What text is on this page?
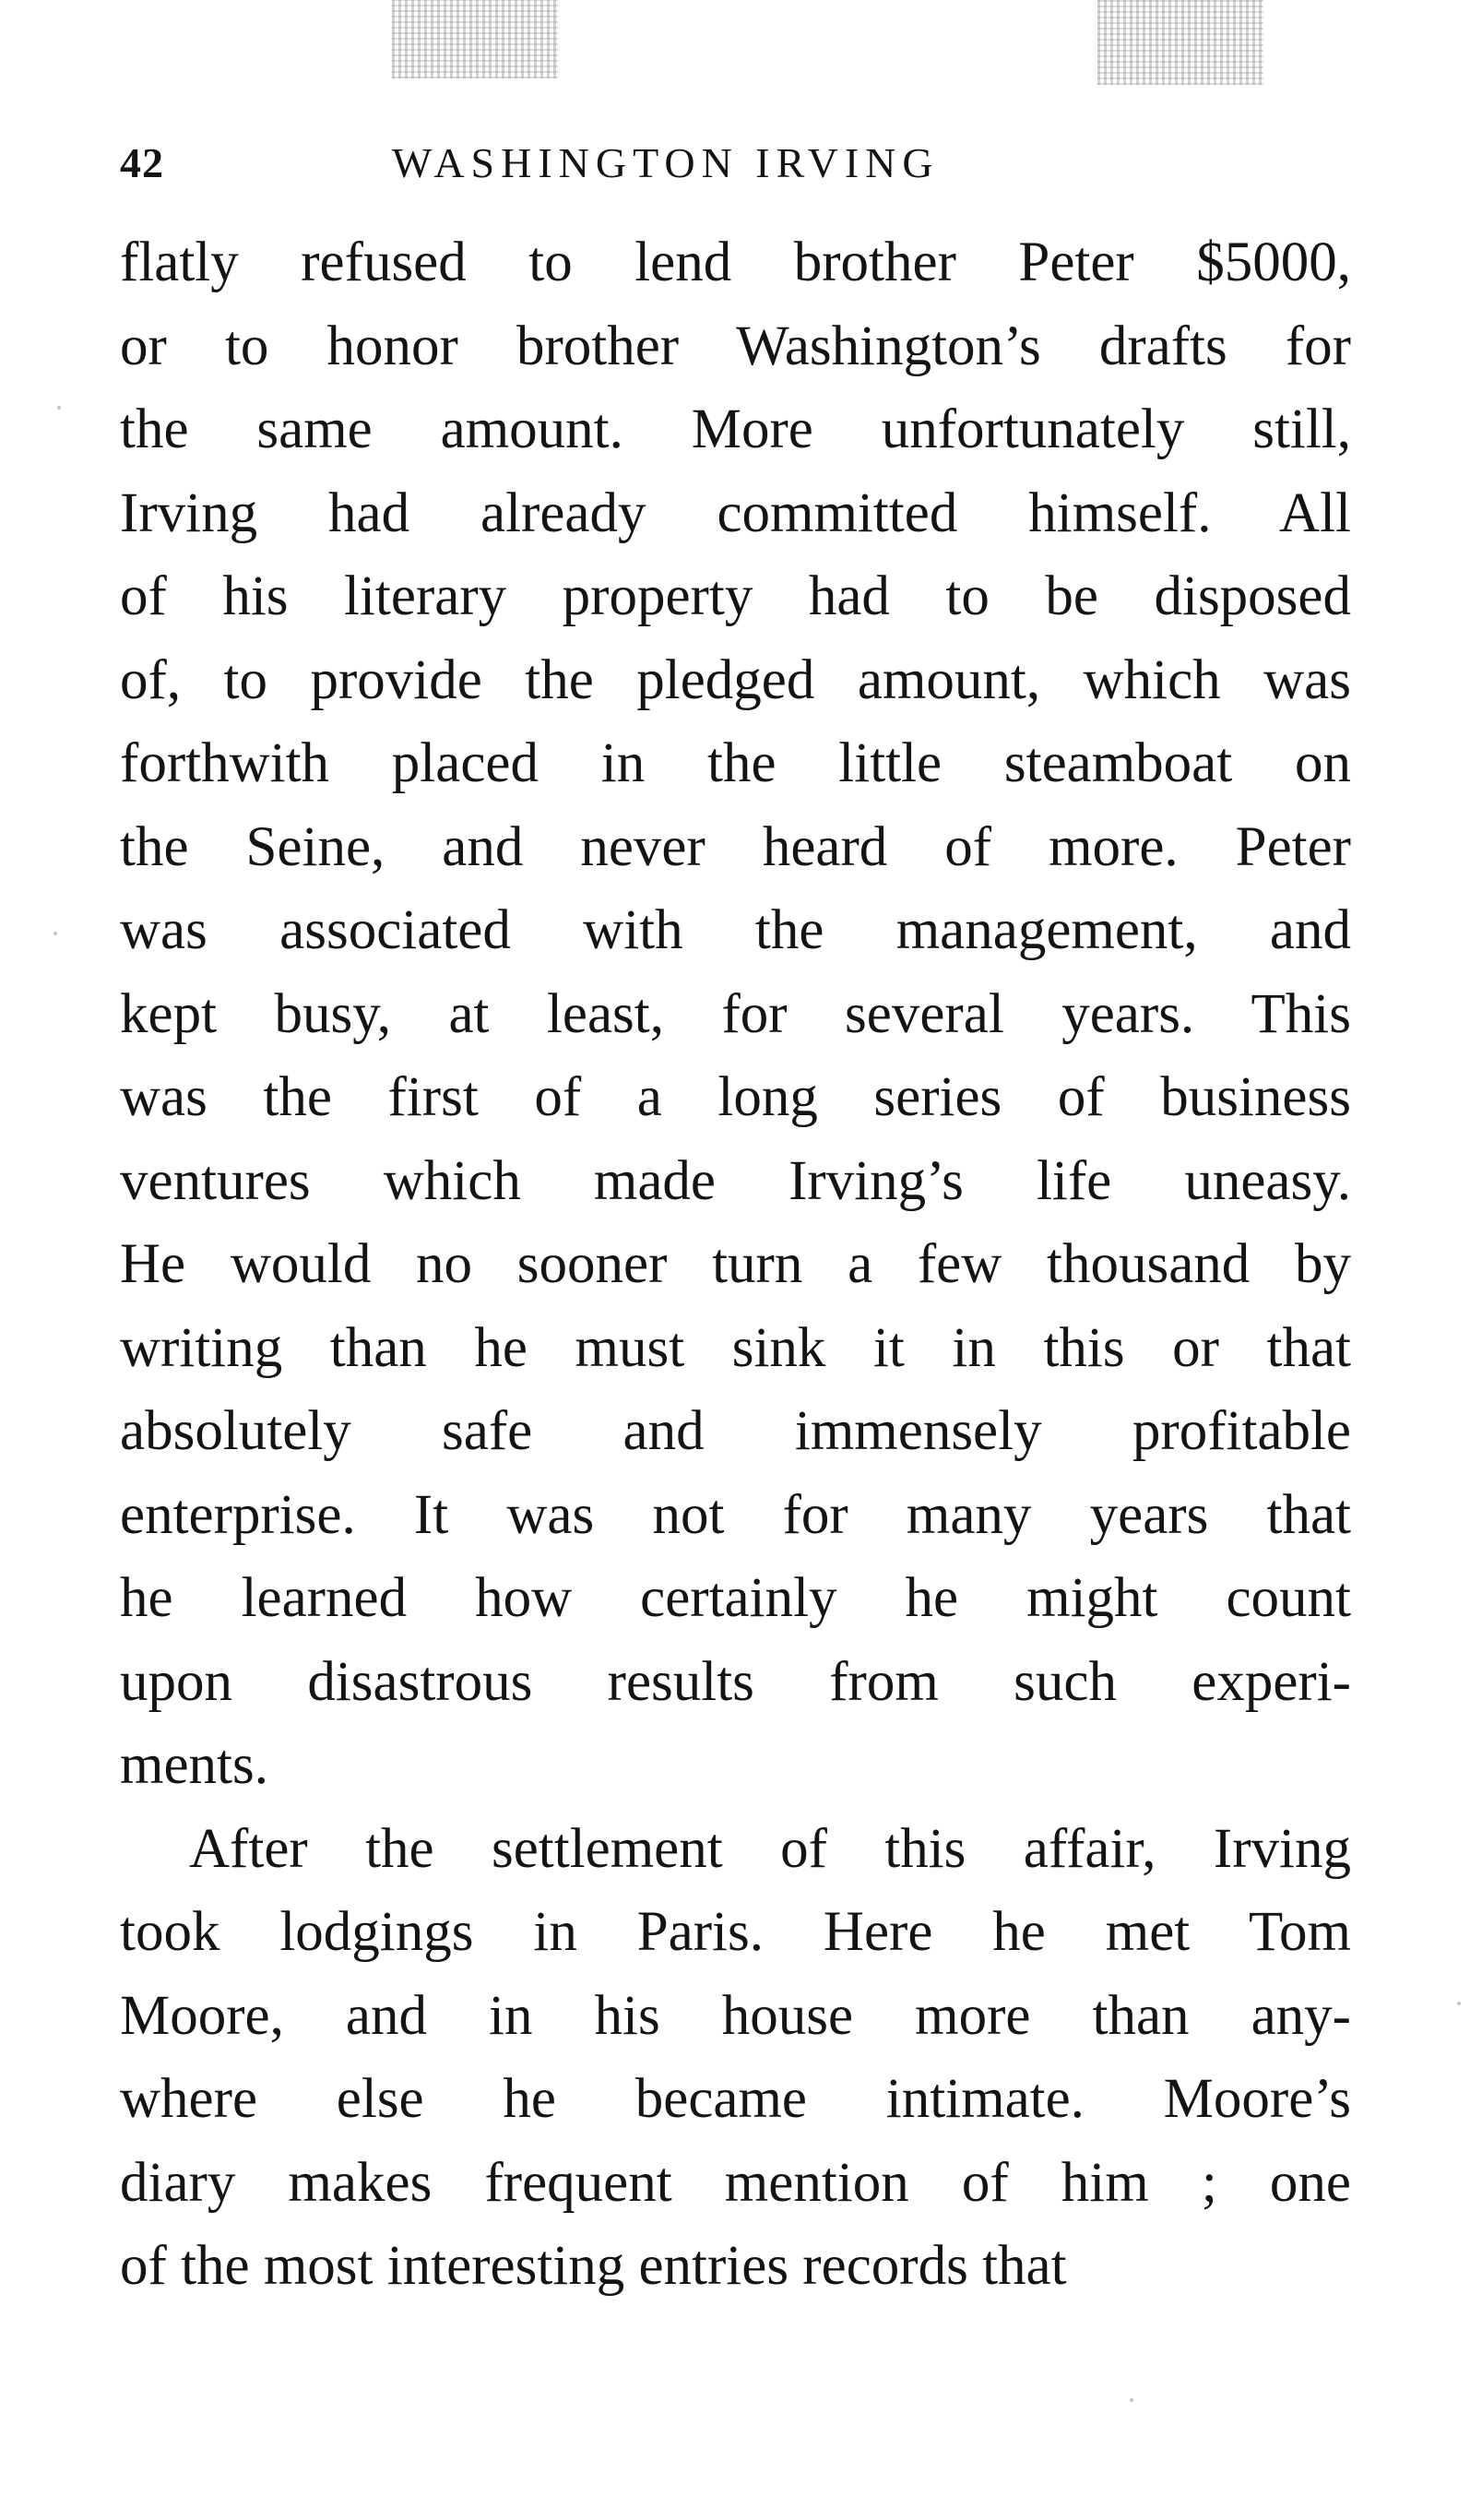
42	WASHINGTON IRVING
flatly refused to lend brother Peter $5000,
or to honor brother Washington’s drafts for
the same amount. More unfortunately still,
Irving had already committed himself. All
of his literary property had to be disposed
of, to provide the pledged amount, which was
forthwith placed in the little steamboat on
the Seine, and never heard of more. Peter
was associated with the management, and
kept busy, at least, for several years. This
was the first of a long series of business
ventures which made Irving’s life uneasy.
He would no sooner turn a few thousand by
writing than he must sink it in this or that
absolutely safe and immensely profitable
enterprise. It was not for many years that
he learned how certainly he might count
upon disastrous results from such experi-
ments.
After the settlement of this affair, Irving
took lodgings in Paris. Here he met Tom
Moore, and in his house more than any-
where else he became intimate. Moore’s
diary makes frequent mention of him ; one
of the most interesting entries records that
